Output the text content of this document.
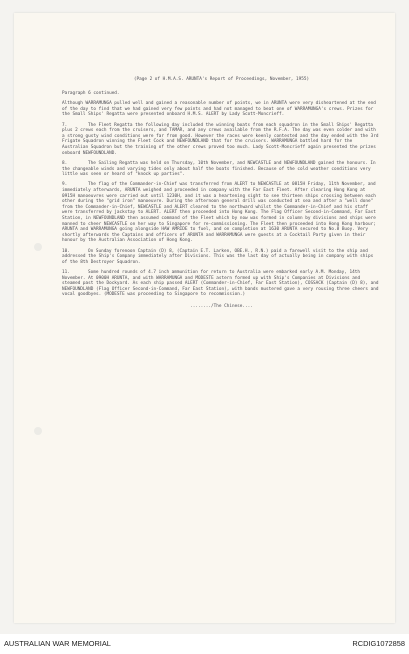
(Page 2 of H.M.A.S. ARUNTA's Report of Proceedings, November, 1955)
Paragraph 6 continued.
Although WARRAMUNGA pulled well and gained a reasonable number of points, we in ARUNTA were very disheartened at the end of the day to find that we had gained very few points and had not managed to beat one of WARRAMUNGA's crews. Prizes for the Small Ships' Regatta were presented onboard H.M.S. ALERT by Lady Scott-Moncrieff.
7.	The Fleet Regatta the following day included the winning boats from each squadron in the Small Ships' Regatta plus 2 crews each from the cruisers, and TAMAR, and any crews available from the R.F.A. The day was even colder and with a strong gusty wind conditions were far from good. However the races were keenly contested and the day ended with the 3rd Frigate Squadron winning the Fleet Cock and NEWFOUNDLAND that for the cruisers. WARRAMUNGA battled hard for the Australian Squadron but the training of the other crews proved too much. Lady Scott-Moncrieff again presented the prizes onboard NEWFOUNDLAND.
8.	The Sailing Regatta was held on Thursday, 10th November, and NEWCASTLE and NEWFOUNDLAND gained the honours. In the changeable winds and varying tides only about half the boats finished. Because of the cold weather conditions very little was seen or heard of "knock up parties".
9.	The flag of the Commander-in-Chief was transferred from ALERT to NEWCASTLE at 0815H Friday, 11th November, and immediately afterwards, ARUNTA weighed and proceeded in company with the Far East Fleet. After clearing Hong Kong at 0915H manoeuvres were carried out until 1230H, and it was a heartening sight to see thirteen ships crossing between each other during the "grid iron" manoeuvre. During the afternoon general drill was conducted at sea and after a "well done" from the Commander-in-Chief, NEWCASTLE and ALERT cleared to the northward whilst the Commander-in-Chief and his staff were transferred by jackstay to ALERT. ALERT then proceeded into Hong Kong. The Flag Officer Second-in-Command, Far East Station, in NEWFOUNDLAND then assumed command of the Fleet which by now was formed in column by divisions and ships were manned to cheer NEWCASTLE on her way to Singapore for re-commissioning. The Fleet then proceeded into Hong Kong harbour; ARUNTA and WARRAMUNGA going alongside HAW AMRIDE to fuel, and on completion at 1630 ARUNTA secured to No.8 Buoy. Very shortly afterwards the Captains and officers of ARUNTA and WARRAMUNGA were guests at a Cocktail Party given in their honour by the Australian Association of Hong Kong.
10.	On Sunday forenoon Captain (D) 8, (Captain E.T. Larken, OBE.H., R.N.) paid a farewell visit to the ship and addressed the Ship's Company immediately after Divisions. This was the last day of actually being in company with ships of the 8th Destroyer Squadron.
11.	Some hundred rounds of 4.7 inch ammunition for return to Australia were embarked early A.M. Monday, 14th November. At 0900H ARUNTA, and with WARRAMUNGA and MODESTE astern formed up with Ship's Companies at Divisions and steamed past the Dockyard. As each ship passed ALERT (Commander-in-Chief, Far East Station), COSSACK (Captain (D) 8), and NEWFOUNDLAND (Flag Officer Second-in-Command, Far East Station), with bands mustered gave a very rousing three cheers and vocal goodbyes. (MODESTE was proceeding to Singapore to recommission.)
......../The Chinese....
AUSTRALIAN WAR MEMORIAL	RCDIG1072858
